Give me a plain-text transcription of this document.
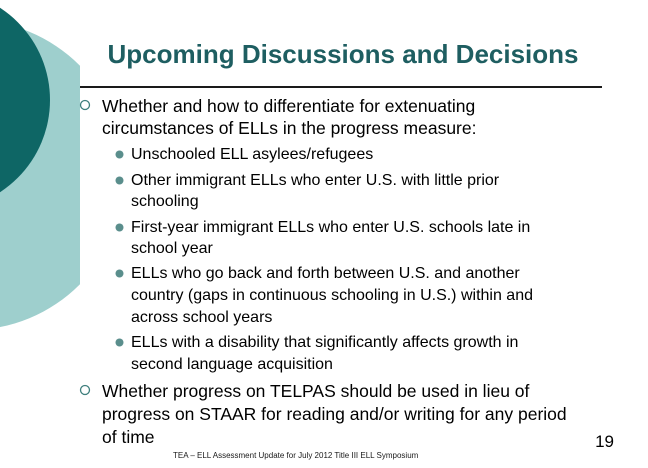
Upcoming Discussions and Decisions
Whether and how to differentiate for extenuating
circumstances of ELLs in the progress measure:
Unschooled ELL asylees/refugees
Other immigrant ELLs who enter U.S. with little prior
schooling
First-year immigrant ELLs who enter U.S. schools late in
school year
ELLs who go back and forth between U.S. and another
country (gaps in continuous schooling in U.S.) within and
across school years
ELLs with a disability that significantly affects growth in
second language acquisition
Whether progress on TELPAS should be used in lieu of
progress on STAAR for reading and/or writing for any period
of time	19
TEA – ELL Assessment Update for July 2012 Title III ELL Symposium
